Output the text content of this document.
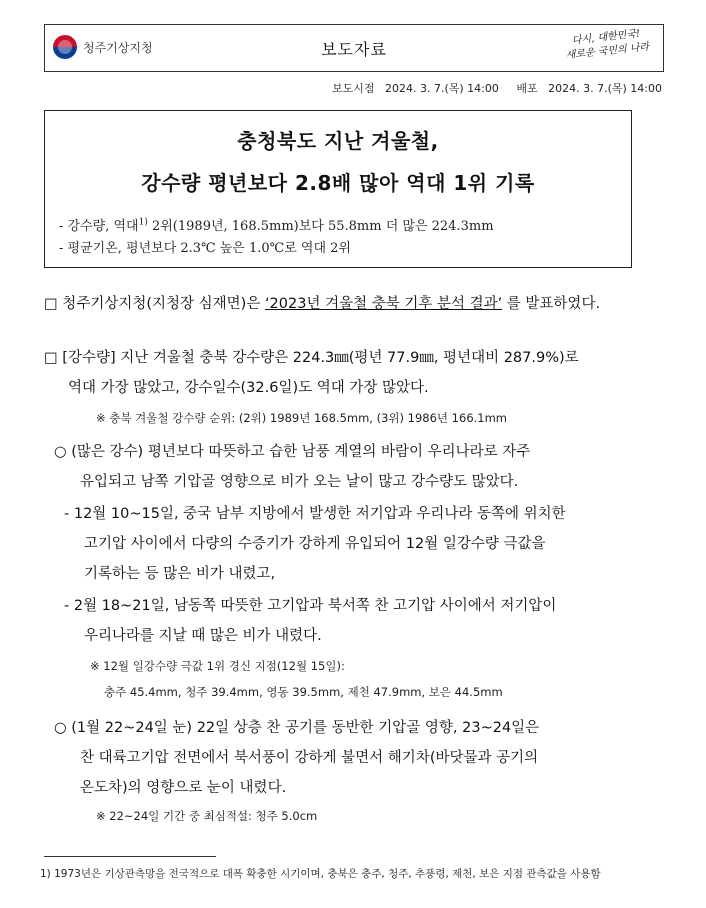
청주기상지청	보도자료
다시, 대한민국!
새로운 국민의 나라
보도시점 2024. 3. 7.(목) 14:00 배포 2024. 3. 7.(목) 14:00
충청북도 지난 겨울철,
강수량 평년보다 2.8배 많아 역대 1위 기록
- 강수량, 역대$^{1)}$ 2위(1989년, 168.5mm)보다 55.8mm 더 많은 224.3mm
- 평균기온, 평년보다 2.3℃ 높은 1.0℃로 역대 2위
□ 청주기상지청(지청장 심재면)은 ‘2023년 겨울철 충북 기후 분석 결과’ 를 발표하였다.
□ [강수량] 지난 겨울철 충북 강수량은 224.3㎜(평년 77.9㎜, 평년대비 287.9%)로
역대 가장 많았고, 강수일수(32.6일)도 역대 가장 많았다.
※ 충북 겨울철 강수량 순위: (2위) 1989년 168.5mm, (3위) 1986년 166.1mm
○ (많은 강수) 평년보다 따뜻하고 습한 남풍 계열의 바람이 우리나라로 자주
유입되고 남쪽 기압골 영향으로 비가 오는 날이 많고 강수량도 많았다.
- 12월 10~15일, 중국 남부 지방에서 발생한 저기압과 우리나라 동쪽에 위치한
고기압 사이에서 다량의 수증기가 강하게 유입되어 12월 일강수량 극값을
기록하는 등 많은 비가 내렸고,
- 2월 18~21일, 남동쪽 따뜻한 고기압과 북서쪽 찬 고기압 사이에서 저기압이
우리나라를 지날 때 많은 비가 내렸다.
※ 12월 일강수량 극값 1위 경신 지점(12월 15일):
충주 45.4mm, 청주 39.4mm, 영동 39.5mm, 제천 47.9mm, 보은 44.5mm
○ (1월 22~24일 눈) 22일 상층 찬 공기를 동반한 기압골 영향, 23~24일은
찬 대륙고기압 전면에서 북서풍이 강하게 불면서 해기차(바닷물과 공기의
온도차)의 영향으로 눈이 내렸다.
※ 22~24일 기간 중 최심적설: 청주 5.0cm
1) 1973년은 기상관측망을 전국적으로 대폭 확충한 시기이며, 충북은 충주, 청주, 추풍령, 제천, 보은 지점 관측값을 사용함
